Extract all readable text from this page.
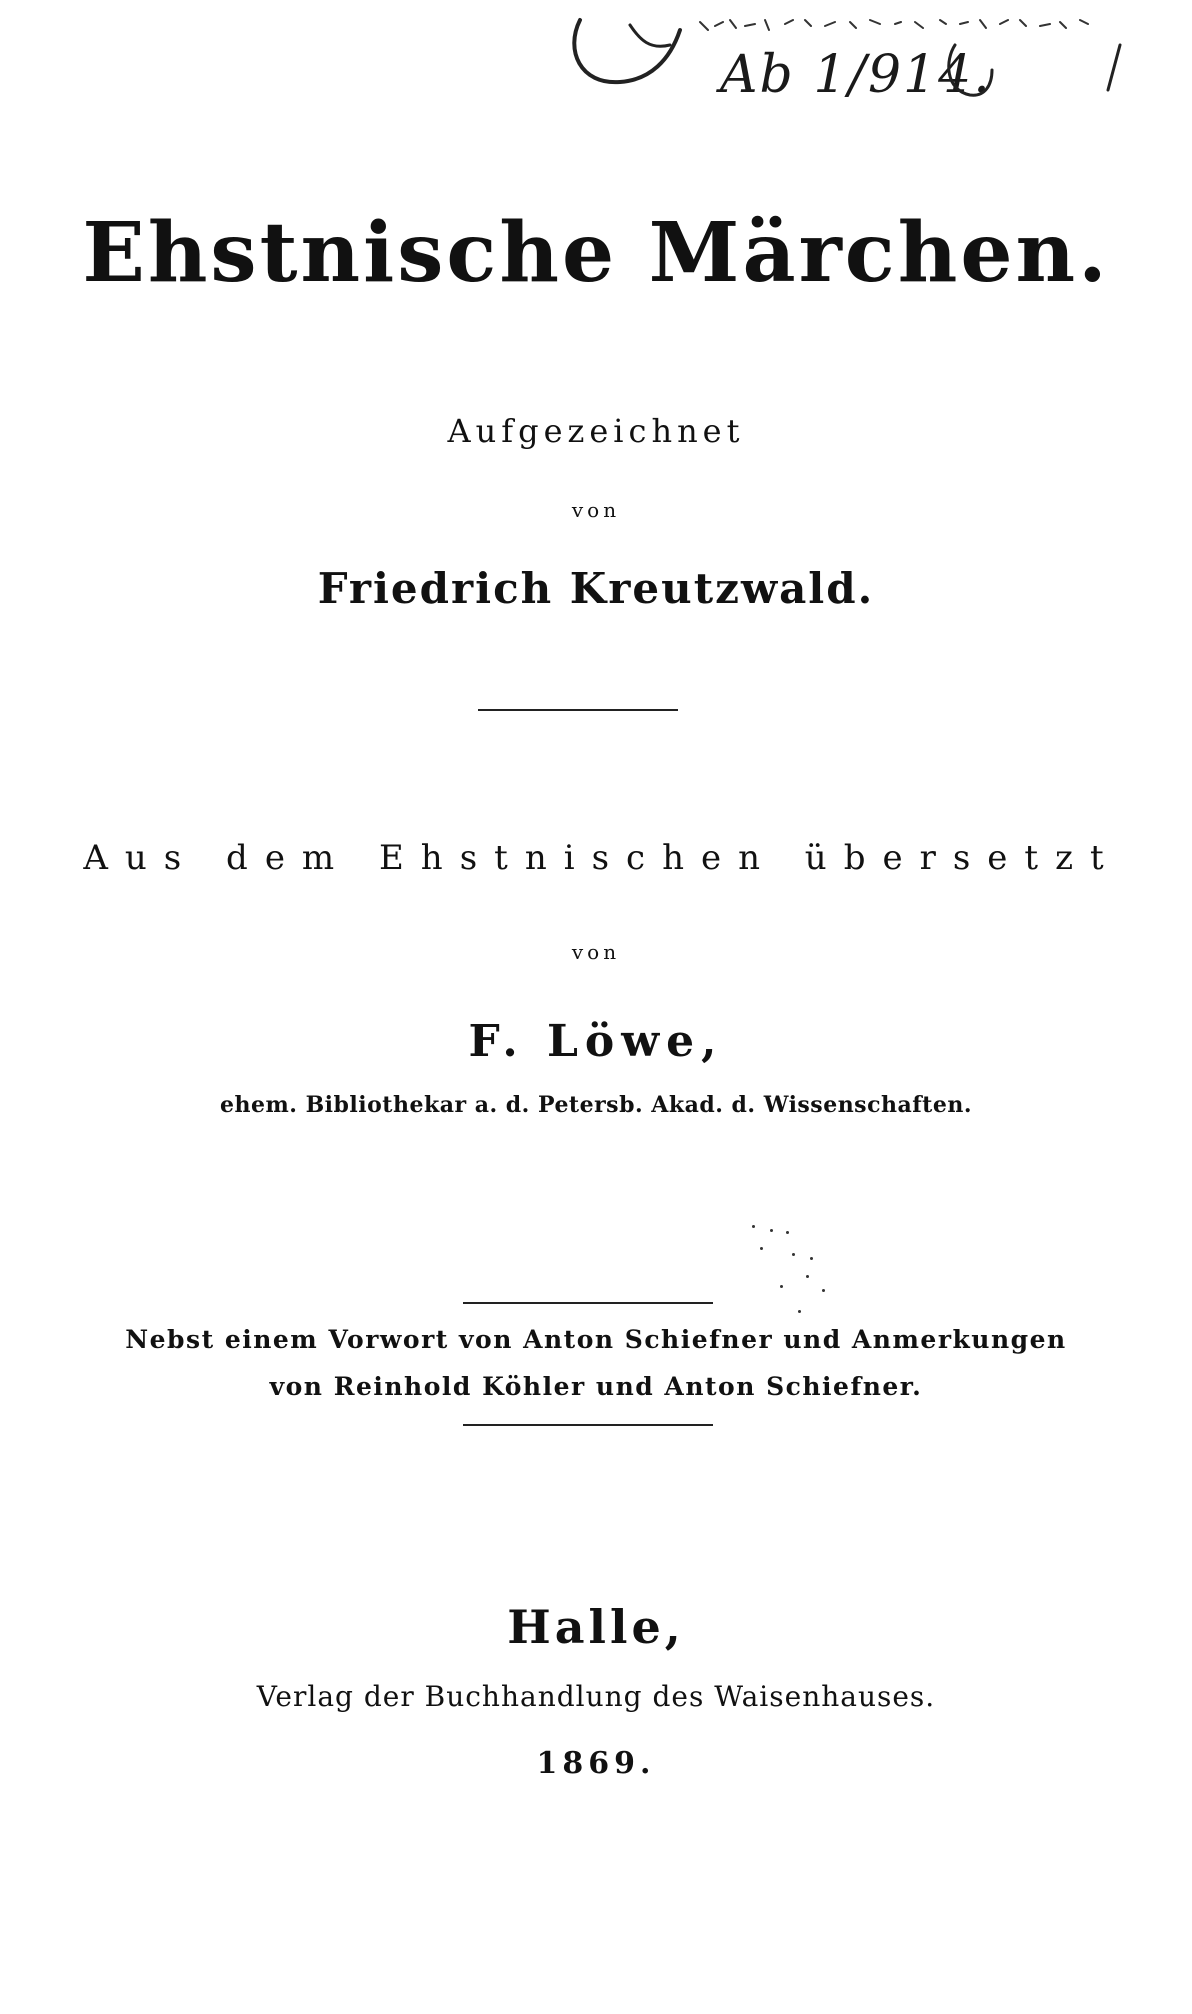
Ab 1/914.
Ehstnische Märchen.
Aufgezeichnet
von
Friedrich Kreutzwald.
Aus dem Ehstnischen übersetzt
von
F. Löwe,
ehem. Bibliothekar a. d. Petersb. Akad. d. Wissenschaften.
Nebst einem Vorwort von Anton Schiefner und Anmerkungen
von Reinhold Köhler und Anton Schiefner.
Halle,
Verlag der Buchhandlung des Waisenhauses.
1869.
